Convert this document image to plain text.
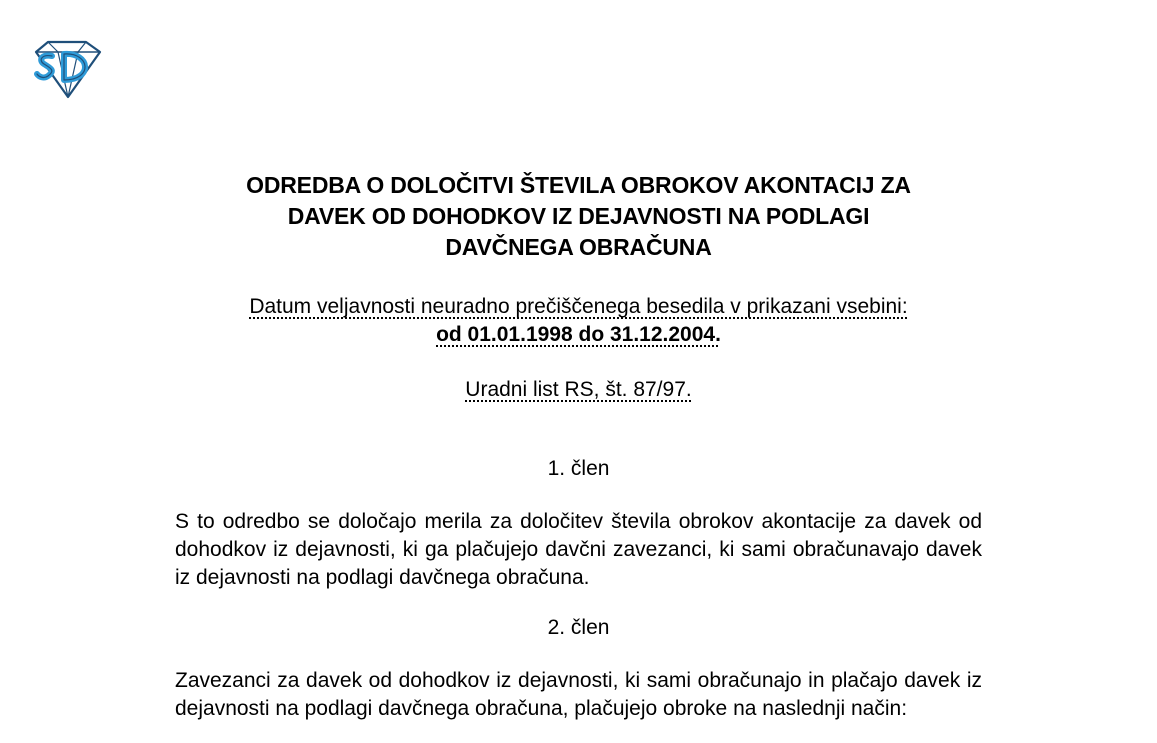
ODREDBA O DOLOČITVI ŠTEVILA OBROKOV AKONTACIJ ZA
DAVEK OD DOHODKOV IZ DEJAVNOSTI NA PODLAGI
DAVČNEGA OBRAČUNA
Datum veljavnosti neuradno prečiščenega besedila v prikazani vsebini:
od 01.01.1998 do 31.12.2004.
Uradni list RS, št. 87/97.
1. člen

S to odredbo se določajo merila za določitev števila obrokov akontacije za davek od dohodkov iz dejavnosti, ki ga plačujejo davčni zavezanci, ki sami obračunavajo davek iz dejavnosti na podlagi davčnega obračuna.

2. člen

Zavezanci za davek od dohodkov iz dejavnosti, ki sami obračunajo in plačajo davek iz dejavnosti na podlagi davčnega obračuna, plačujejo obroke na naslednji način:
